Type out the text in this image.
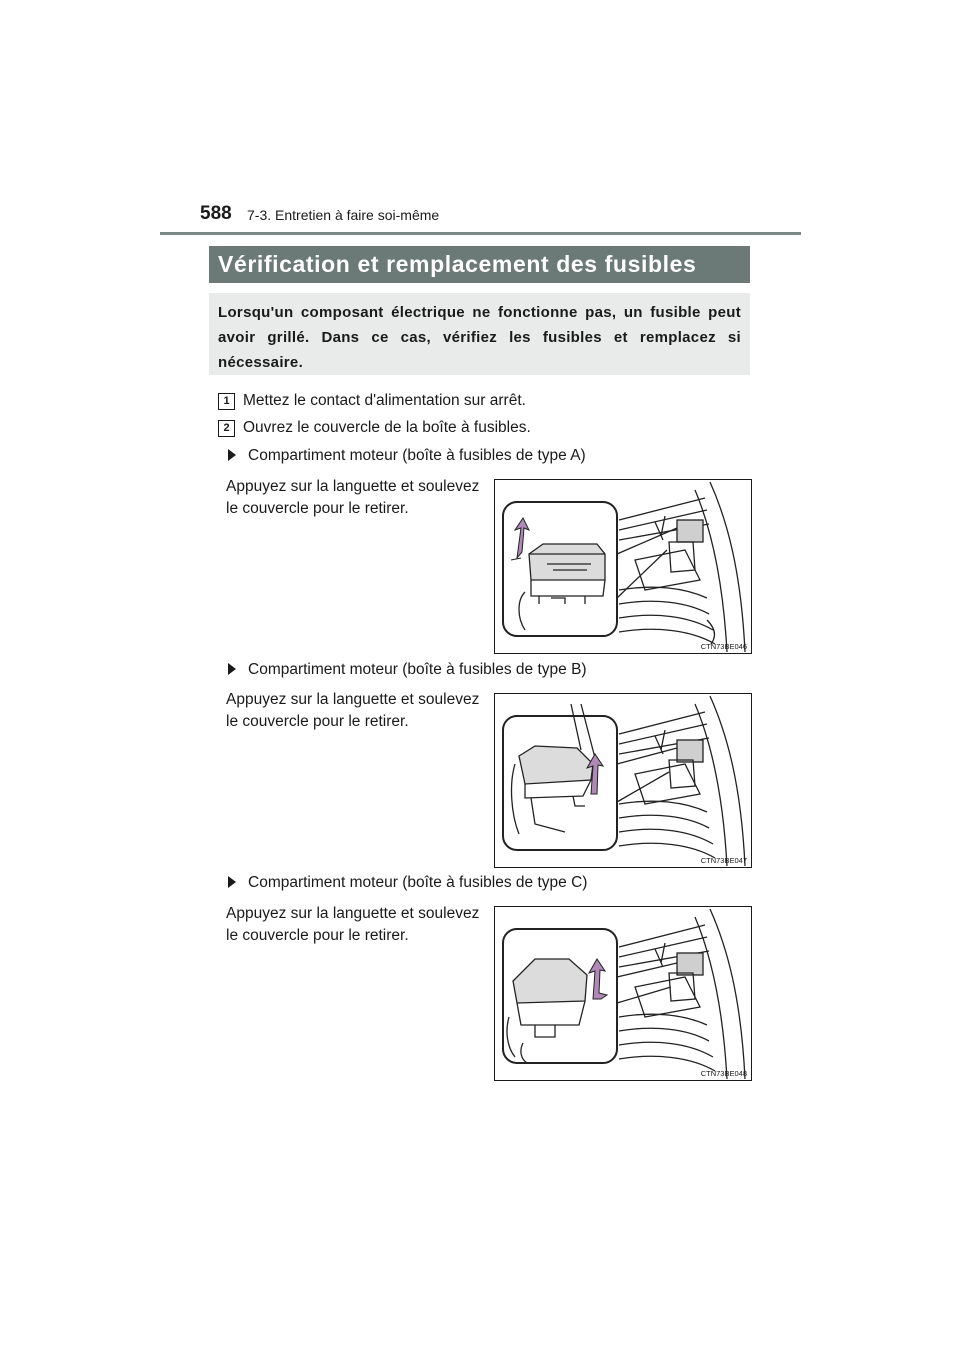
588 7-3. Entretien à faire soi-même
Vérification et remplacement des fusibles
Lorsqu'un composant électrique ne fonctionne pas, un fusible peut avoir grillé. Dans ce cas, vérifiez les fusibles et remplacez si nécessaire.
1 Mettez le contact d'alimentation sur arrêt.
2 Ouvrez le couvercle de la boîte à fusibles.
Compartiment moteur (boîte à fusibles de type A)
Appuyez sur la languette et soulevez le couvercle pour le retirer.
CTN73BE046
Compartiment moteur (boîte à fusibles de type B)
Appuyez sur la languette et soulevez le couvercle pour le retirer.
CTN73BE047
Compartiment moteur (boîte à fusibles de type C)
Appuyez sur la languette et soulevez le couvercle pour le retirer.
CTN73BE048
